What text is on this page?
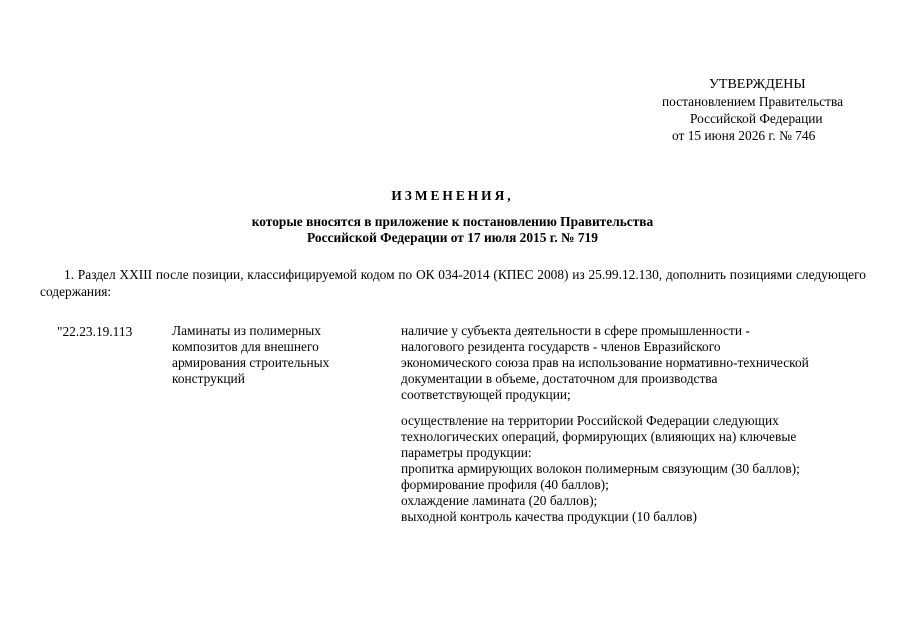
УТВЕРЖДЕНЫ
постановлением Правительства
Российской Федерации
от 15 июня 2026 г. № 746
ИЗМЕНЕНИЯ,
которые вносятся в приложение к постановлению Правительства
Российской Федерации от 17 июля 2015 г. № 719
1. Раздел XXIII после позиции, классифицируемой кодом по ОК 034-2014 (КПЕС 2008) из 25.99.12.130, дополнить позициями следующего содержания:
"22.23.19.113	Ламинаты из полимерных
композитов для внешнего
армирования строительных
конструкций
наличие у субъекта деятельности в сфере промышленности -
налогового резидента государств - членов Евразийского
экономического союза прав на использование нормативно-технической
документации в объеме, достаточном для производства
соответствующей продукции;
осуществление на территории Российской Федерации следующих
технологических операций, формирующих (влияющих на) ключевые
параметры продукции:
пропитка армирующих волокон полимерным связующим (30 баллов);
формирование профиля (40 баллов);
охлаждение ламината (20 баллов);
выходной контроль качества продукции (10 баллов)
